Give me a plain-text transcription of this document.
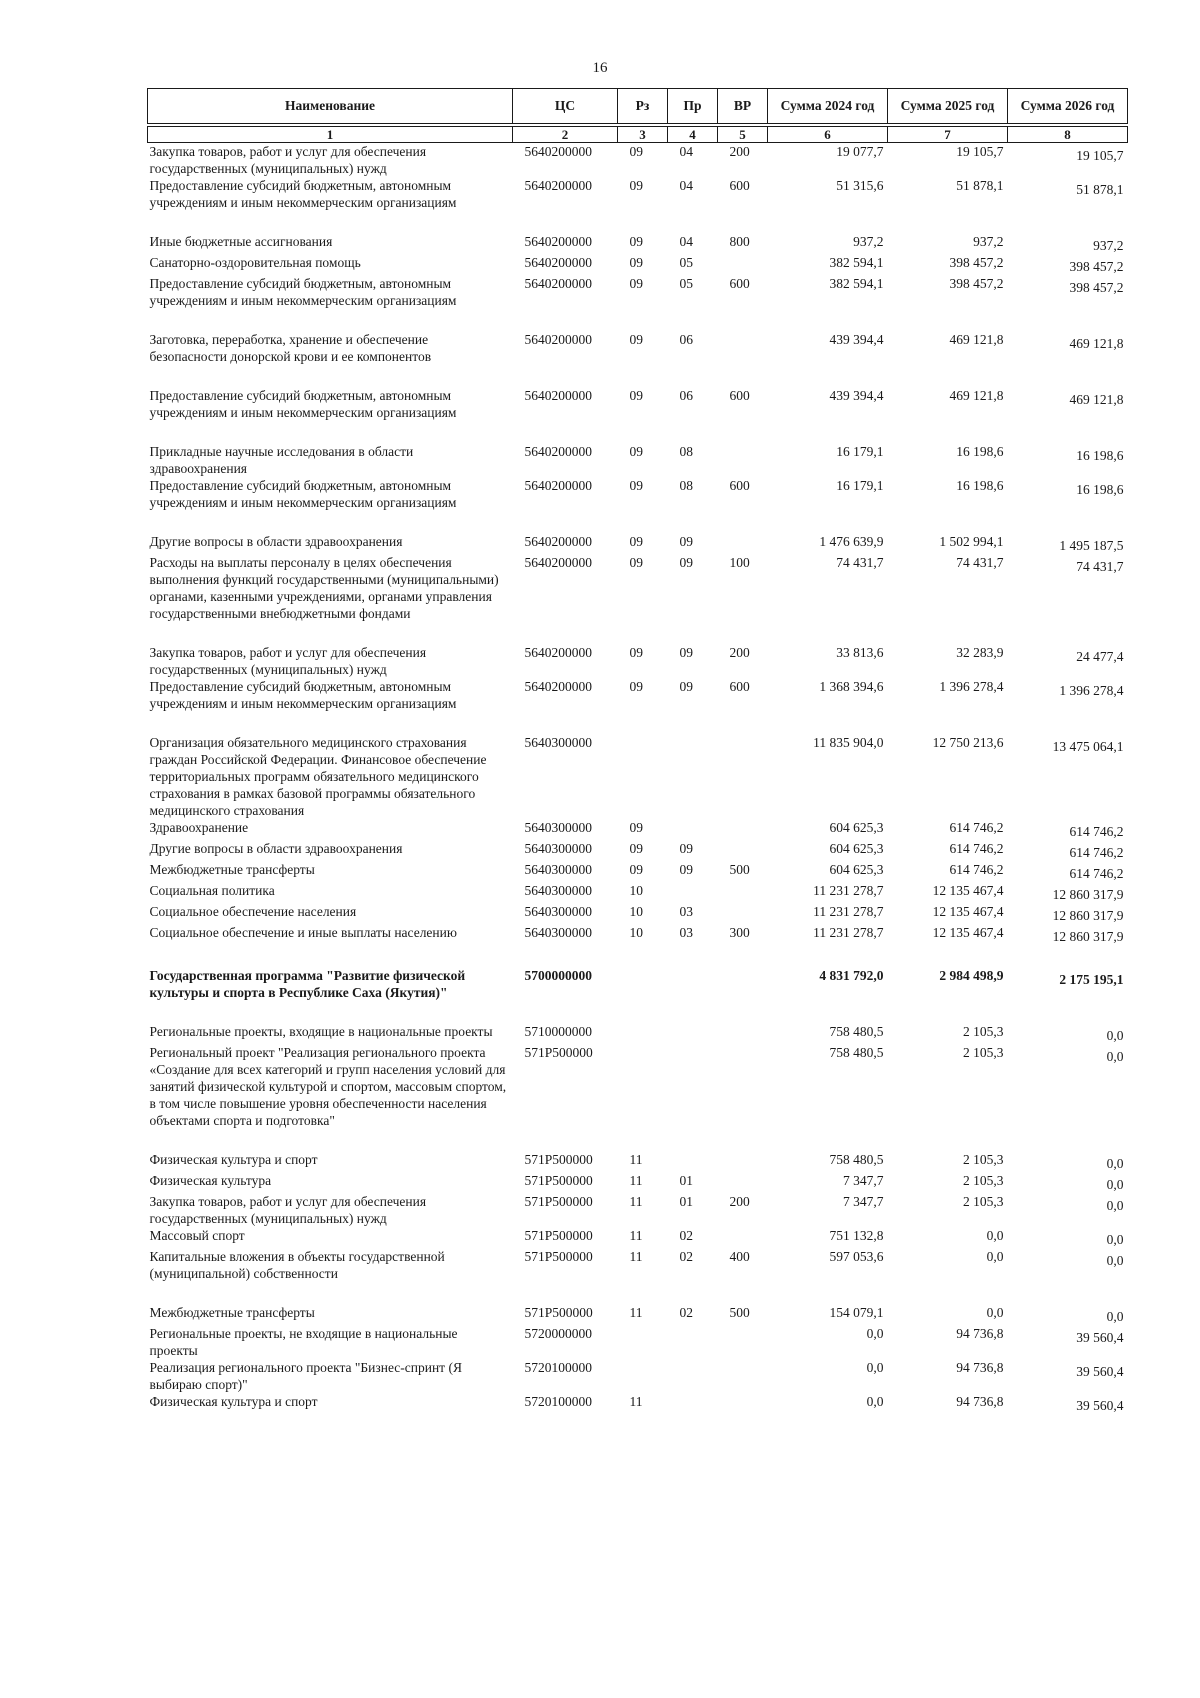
16
Наименование	ЦС	Рз	Пр	ВР	Сумма 2024 год	Сумма 2025 год	Сумма 2026 год
1	2	3	4	5	6	7	8
Закупка товаров, работ и услуг для обеспечения государственных (муниципальных) нужд	5640200000	09	04	200	19 077,7	19 105,7	19 105,7
Предоставление субсидий бюджетным, автономным учреждениям и иным некоммерческим организациям	5640200000	09	04	600	51 315,6	51 878,1	51 878,1
Иные бюджетные ассигнования	5640200000	09	04	800	937,2	937,2	937,2
Санаторно-оздоровительная помощь	5640200000	09	05		382 594,1	398 457,2	398 457,2
Предоставление субсидий бюджетным, автономным учреждениям и иным некоммерческим организациям	5640200000	09	05	600	382 594,1	398 457,2	398 457,2
Заготовка, переработка, хранение и обеспечение безопасности донорской крови и ее компонентов	5640200000	09	06		439 394,4	469 121,8	469 121,8
Предоставление субсидий бюджетным, автономным учреждениям и иным некоммерческим организациям	5640200000	09	06	600	439 394,4	469 121,8	469 121,8
Прикладные научные исследования в области здравоохранения	5640200000	09	08		16 179,1	16 198,6	16 198,6
Предоставление субсидий бюджетным, автономным учреждениям и иным некоммерческим организациям	5640200000	09	08	600	16 179,1	16 198,6	16 198,6
Другие вопросы в области здравоохранения	5640200000	09	09		1 476 639,9	1 502 994,1	1 495 187,5
Расходы на выплаты персоналу в целях обеспечения выполнения функций государственными (муниципальными) органами, казенными учреждениями, органами управления государственными внебюджетными фондами	5640200000	09	09	100	74 431,7	74 431,7	74 431,7
Закупка товаров, работ и услуг для обеспечения государственных (муниципальных) нужд	5640200000	09	09	200	33 813,6	32 283,9	24 477,4
Предоставление субсидий бюджетным, автономным учреждениям и иным некоммерческим организациям	5640200000	09	09	600	1 368 394,6	1 396 278,4	1 396 278,4
Организация обязательного медицинского страхования граждан Российской Федерации. Финансовое обеспечение территориальных программ обязательного медицинского страхования в рамках базовой программы обязательного медицинского страхования	5640300000				11 835 904,0	12 750 213,6	13 475 064,1
Здравоохранение	5640300000	09			604 625,3	614 746,2	614 746,2
Другие вопросы в области здравоохранения	5640300000	09	09		604 625,3	614 746,2	614 746,2
Межбюджетные трансферты	5640300000	09	09	500	604 625,3	614 746,2	614 746,2
Социальная политика	5640300000	10			11 231 278,7	12 135 467,4	12 860 317,9
Социальное обеспечение населения	5640300000	10	03		11 231 278,7	12 135 467,4	12 860 317,9
Социальное обеспечение и иные выплаты населению	5640300000	10	03	300	11 231 278,7	12 135 467,4	12 860 317,9
Государственная программа "Развитие физической культуры и спорта в Республике Саха (Якутия)"	5700000000				4 831 792,0	2 984 498,9	2 175 195,1
Региональные проекты, входящие в национальные проекты	5710000000				758 480,5	2 105,3	0,0
Региональный проект "Реализация регионального проекта «Создание для всех категорий и групп населения условий для занятий физической культурой и спортом, массовым спортом, в том числе повышение уровня обеспеченности населения объектами спорта и подготовка"	571P500000				758 480,5	2 105,3	0,0
Физическая культура и спорт	571P500000	11			758 480,5	2 105,3	0,0
Физическая культура	571P500000	11	01		7 347,7	2 105,3	0,0
Закупка товаров, работ и услуг для обеспечения государственных (муниципальных) нужд	571P500000	11	01	200	7 347,7	2 105,3	0,0
Массовый спорт	571P500000	11	02		751 132,8	0,0	0,0
Капитальные вложения в объекты государственной (муниципальной) собственности	571P500000	11	02	400	597 053,6	0,0	0,0
Межбюджетные трансферты	571P500000	11	02	500	154 079,1	0,0	0,0
Региональные проекты, не входящие в национальные проекты	5720000000				0,0	94 736,8	39 560,4
Реализация регионального проекта "Бизнес-спринт (Я выбираю спорт)"	5720100000				0,0	94 736,8	39 560,4
Физическая культура и спорт	5720100000	11			0,0	94 736,8	39 560,4
